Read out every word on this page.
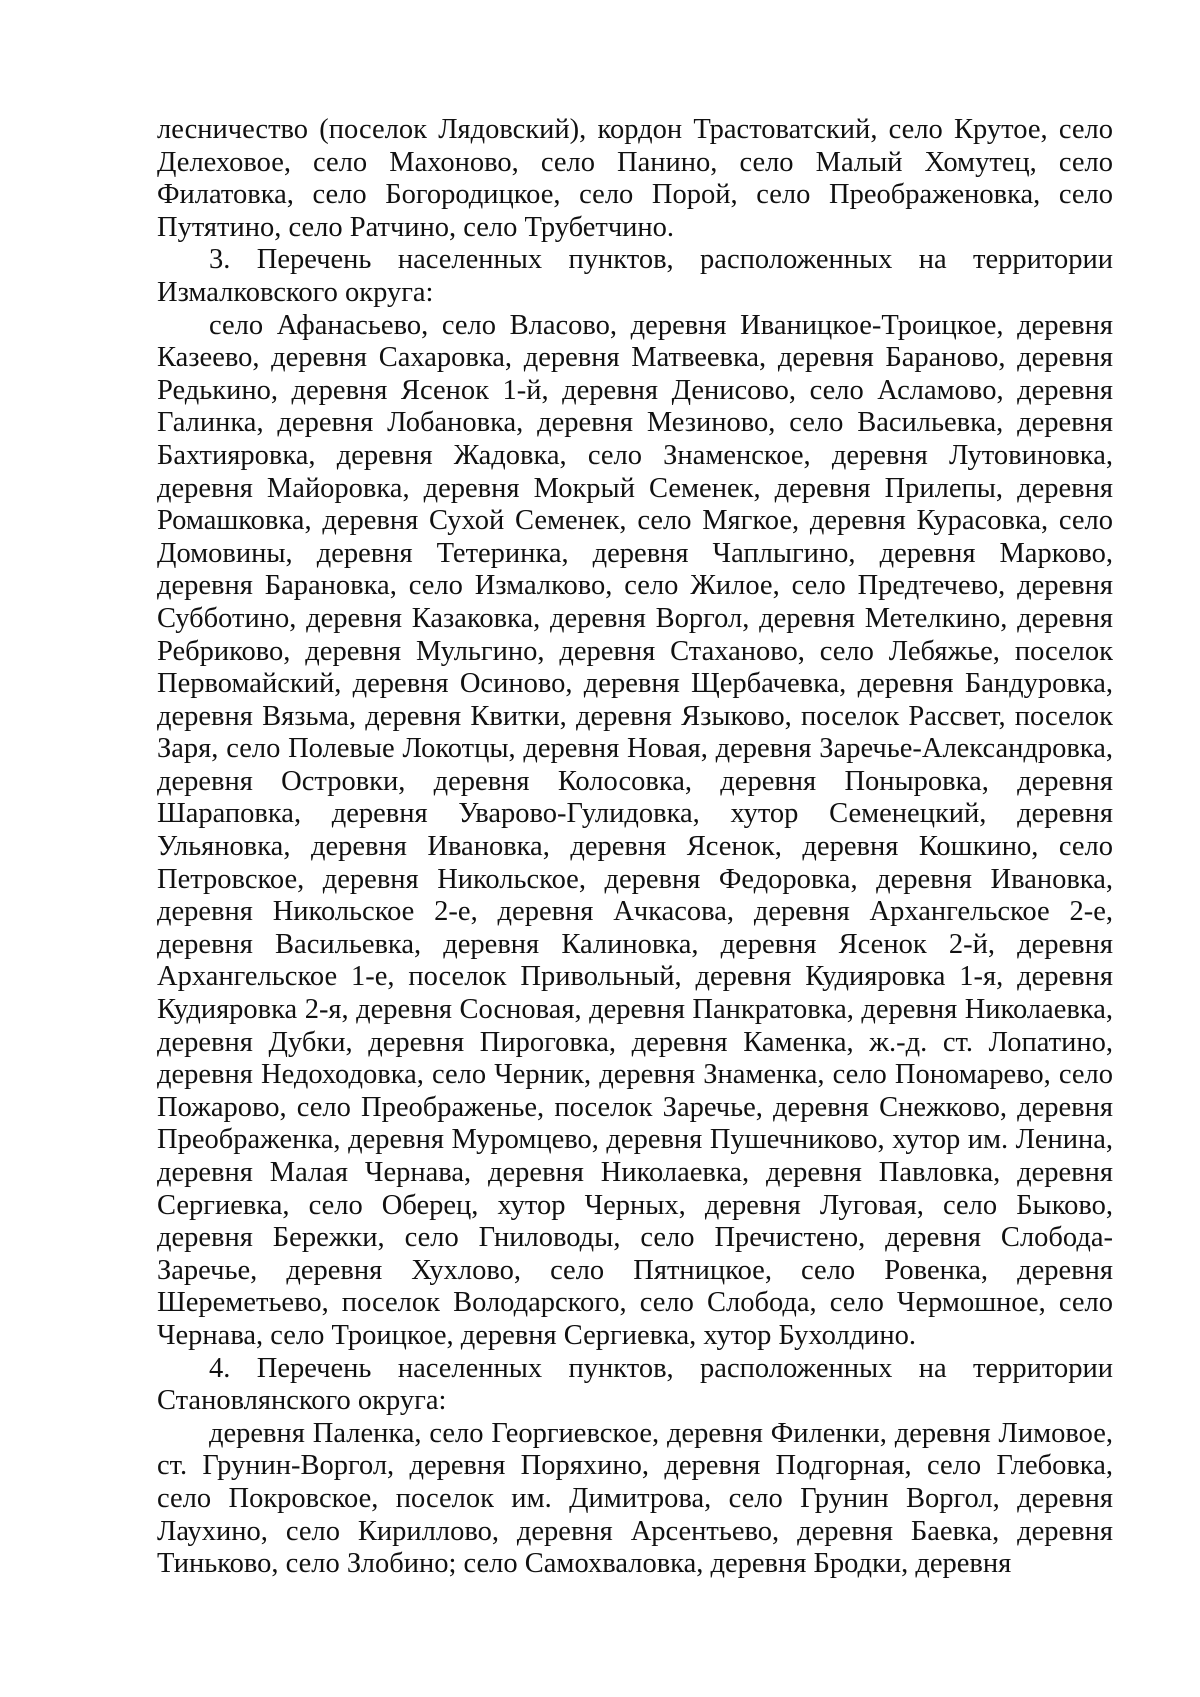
лесничество (поселок Лядовский), кордон Трастоватский, село Крутое, село Делеховое, село Махоново, село Панино, село Малый Хомутец, село Филатовка, село Богородицкое, село Порой, село Преображеновка, село Путятино, село Ратчино, село Трубетчино.

3. Перечень населенных пунктов, расположенных на территории Измалковского округа:

село Афанасьево, село Власово, деревня Иваницкое-Троицкое, деревня Казеево, деревня Сахаровка, деревня Матвеевка, деревня Бараново, деревня Редькино, деревня Ясенок 1-й, деревня Денисово, село Асламово, деревня Галинка, деревня Лобановка, деревня Мезиново, село Васильевка, деревня Бахтияровка, деревня Жадовка, село Знаменское, деревня Лутовиновка, деревня Майоровка, деревня Мокрый Семенек, деревня Прилепы, деревня Ромашковка, деревня Сухой Семенек, село Мягкое, деревня Курасовка, село Домовины, деревня Тетеринка, деревня Чаплыгино, деревня Марково, деревня Барановка, село Измалково, село Жилое, село Предтечево, деревня Субботино, деревня Казаковка, деревня Воргол, деревня Метелкино, деревня Ребриково, деревня Мульгино, деревня Стаханово, село Лебяжье, поселок Первомайский, деревня Осиново, деревня Щербачевка, деревня Бандуровка, деревня Вязьма, деревня Квитки, деревня Языково, поселок Рассвет, поселок Заря, село Полевые Локотцы, деревня Новая, деревня Заречье-Александровка, деревня Островки, деревня Колосовка, деревня Поныровка, деревня Шараповка, деревня Уварово-Гулидовка, хутор Семенецкий, деревня Ульяновка, деревня Ивановка, деревня Ясенок, деревня Кошкино, село Петровское, деревня Никольское, деревня Федоровка, деревня Ивановка, деревня Никольское 2-е, деревня Ачкасова, деревня Архангельское 2-е, деревня Васильевка, деревня Калиновка, деревня Ясенок 2-й, деревня Архангельское 1-е, поселок Привольный, деревня Кудияровка 1-я, деревня Кудияровка 2-я, деревня Сосновая, деревня Панкратовка, деревня Николаевка, деревня Дубки, деревня Пироговка, деревня Каменка, ж.-д. ст. Лопатино, деревня Недоходовка, село Черник, деревня Знаменка, село Пономарево, село Пожарово, село Преображенье, поселок Заречье, деревня Снежково, деревня Преображенка, деревня Муромцево, деревня Пушечниково, хутор им. Ленина, деревня Малая Чернава, деревня Николаевка, деревня Павловка, деревня Сергиевка, село Оберец, хутор Черных, деревня Луговая, село Быково, деревня Бережки, село Гниловоды, село Пречистено, деревня Слобода-Заречье, деревня Хухлово, село Пятницкое, село Ровенка, деревня Шереметьево, поселок Володарского, село Слобода, село Чермошное, село Чернава, село Троицкое, деревня Сергиевка, хутор Бухолдино.

4. Перечень населенных пунктов, расположенных на территории Становлянского округа:

деревня Паленка, село Георгиевское, деревня Филенки, деревня Лимовое, ст. Грунин-Воргол, деревня Поряхино, деревня Подгорная, село Глебовка, село Покровское, поселок им. Димитрова, село Грунин Воргол, деревня Лаухино, село Кириллово, деревня Арсентьево, деревня Баевка, деревня Тиньково, село Злобино; село Самохваловка, деревня Бродки, деревня
